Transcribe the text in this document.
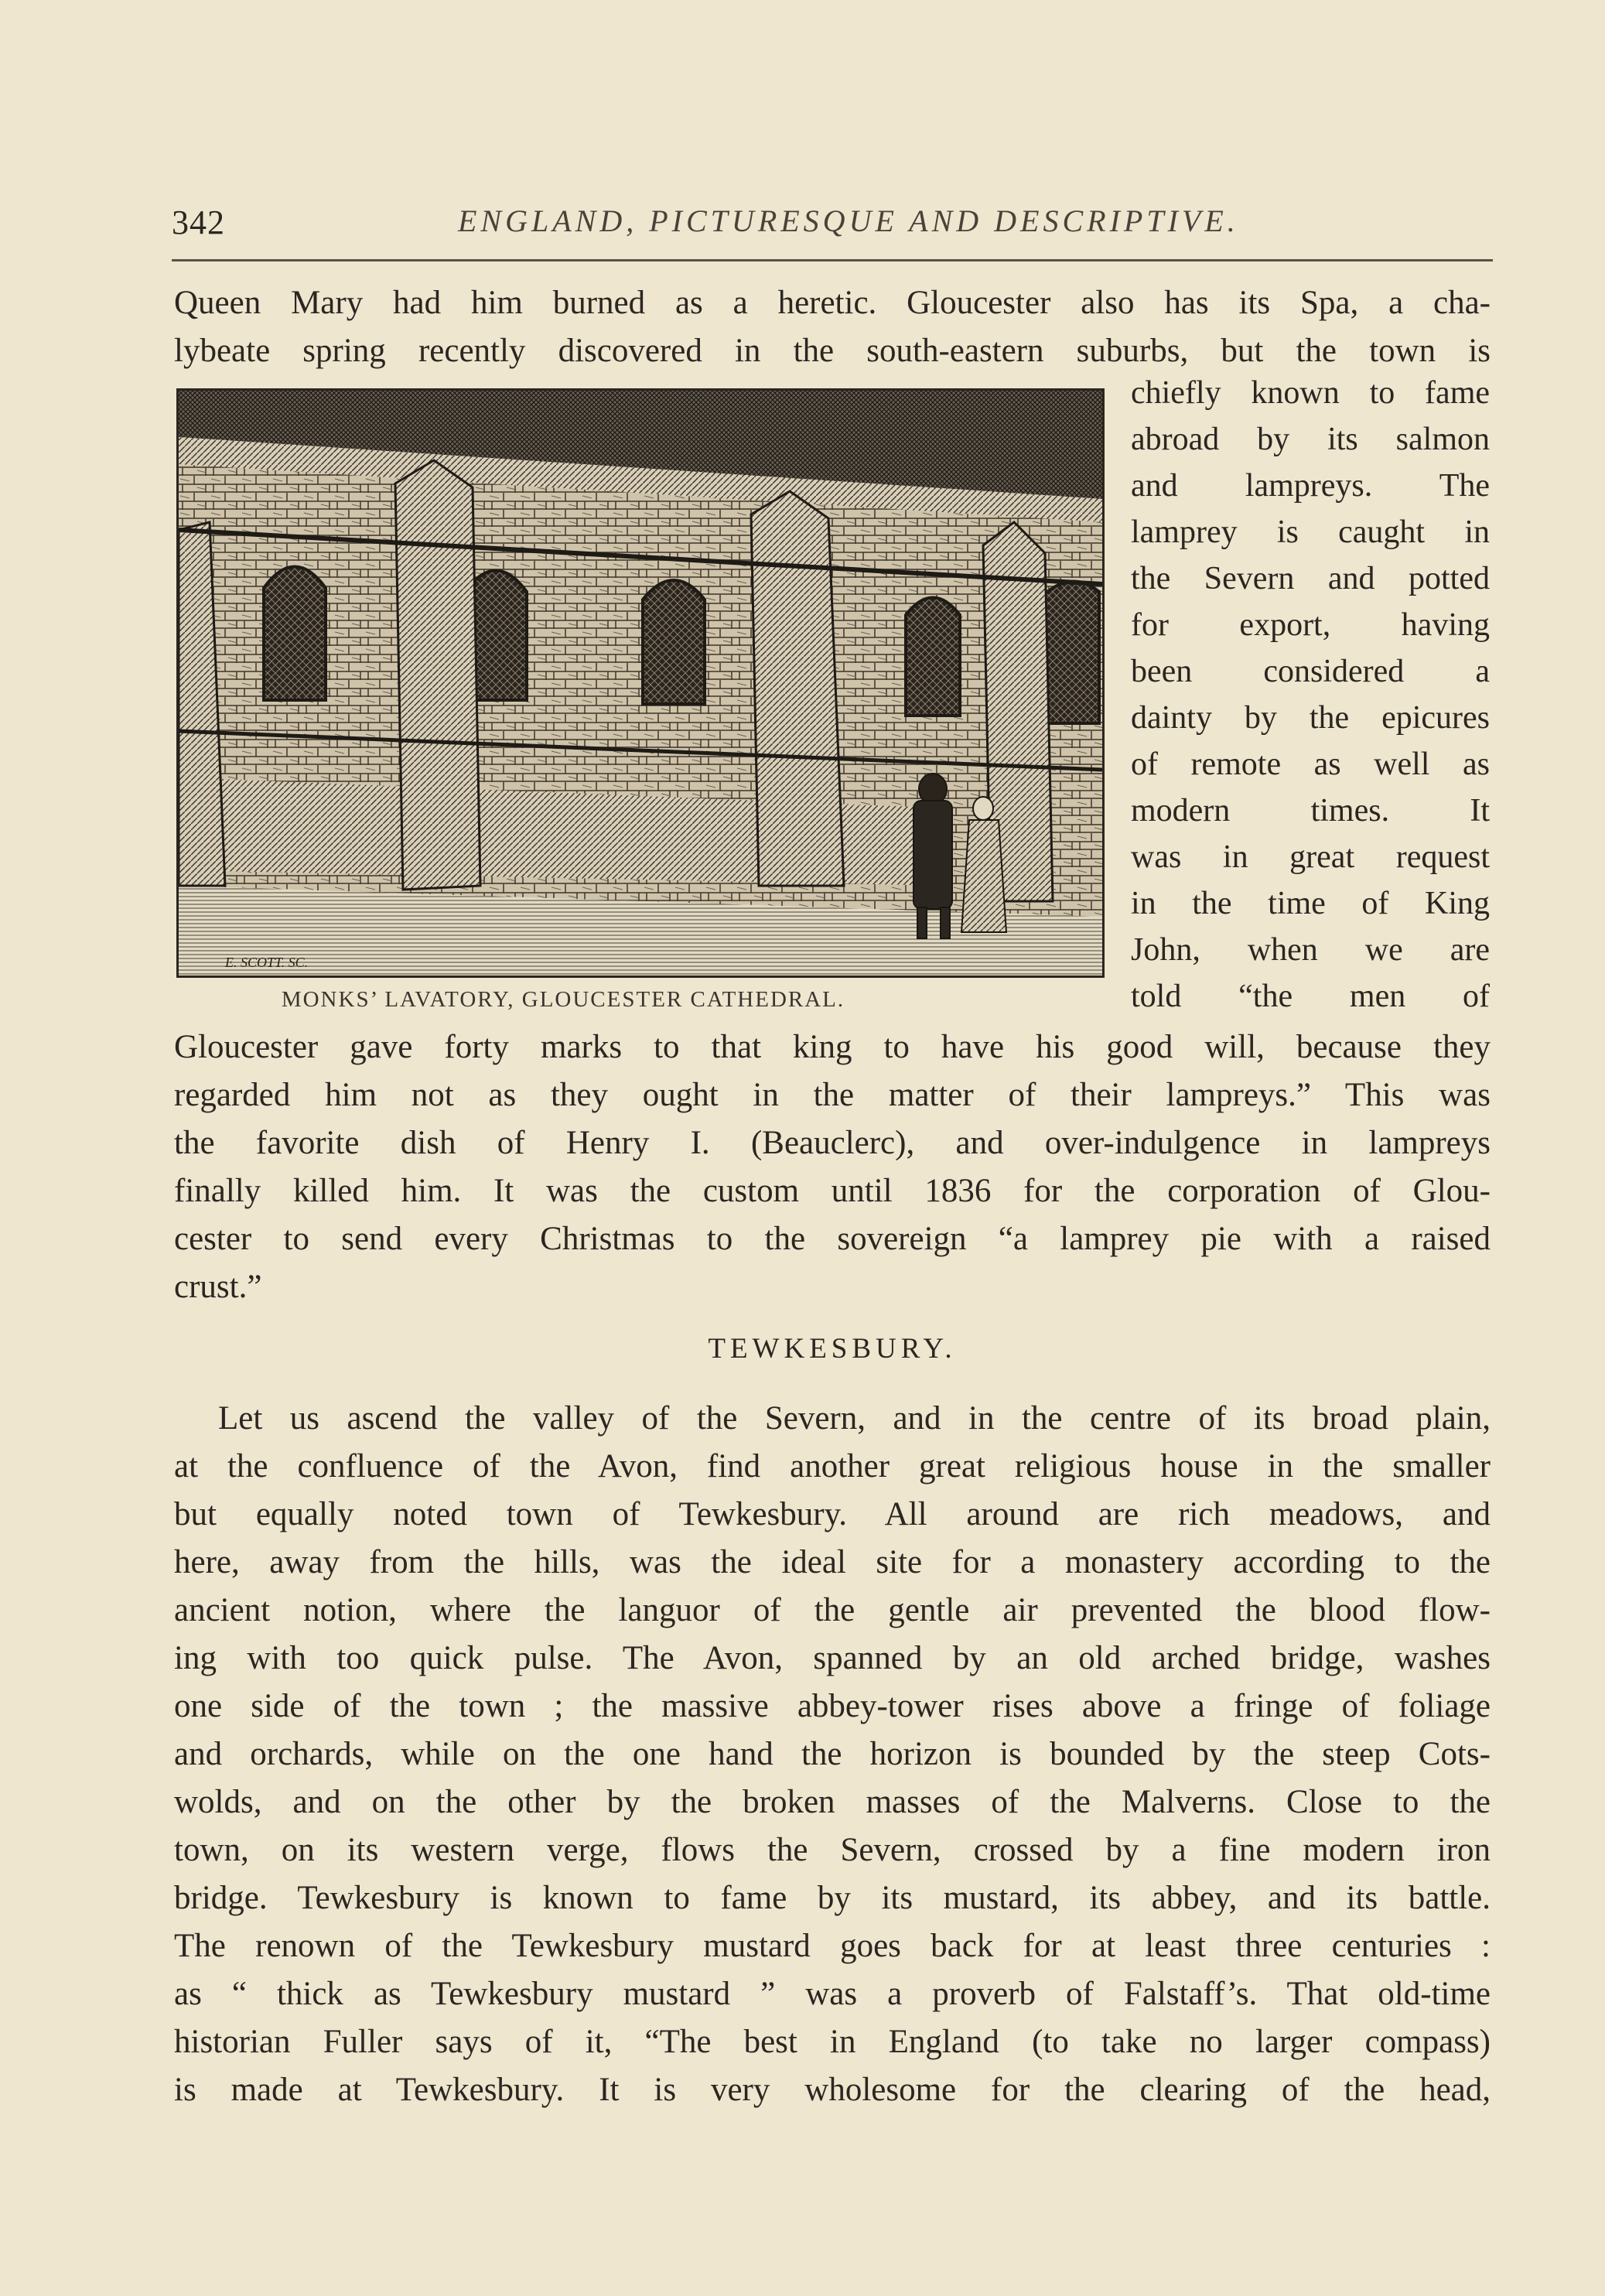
342	ENGLAND, PICTURESQUE AND DESCRIPTIVE.
Queen Mary had him burned as a heretic. Gloucester also has its Spa, a cha-
lybeate spring recently discovered in the south-eastern suburbs, but the town is
chiefly known to fame
abroad by its salmon
and lampreys. The
lamprey is caught in
the Severn and potted
for export, having
been considered a
dainty by the epicures
of remote as well as
modern times. It
was in great request
in the time of King
John, when we are
told “the men of
E. SCOTT. SC.
MONKS’ LAVATORY, GLOUCESTER CATHEDRAL.
Gloucester gave forty marks to that king to have his good will, because they
regarded him not as they ought in the matter of their lampreys.” This was
the favorite dish of Henry I. (Beauclerc), and over-indulgence in lampreys
finally killed him. It was the custom until 1836 for the corporation of Glou-
cester to send every Christmas to the sovereign “a lamprey pie with a raised
crust.”
TEWKESBURY.
Let us ascend the valley of the Severn, and in the centre of its broad plain,
at the confluence of the Avon, find another great religious house in the smaller
but equally noted town of Tewkesbury. All around are rich meadows, and
here, away from the hills, was the ideal site for a monastery according to the
ancient notion, where the languor of the gentle air prevented the blood flow-
ing with too quick pulse. The Avon, spanned by an old arched bridge, washes
one side of the town ; the massive abbey-tower rises above a fringe of foliage
and orchards, while on the one hand the horizon is bounded by the steep Cots-
wolds, and on the other by the broken masses of the Malverns. Close to the
town, on its western verge, flows the Severn, crossed by a fine modern iron
bridge. Tewkesbury is known to fame by its mustard, its abbey, and its battle.
The renown of the Tewkesbury mustard goes back for at least three centuries :
as “ thick as Tewkesbury mustard ” was a proverb of Falstaff’s. That old-time
historian Fuller says of it, “The best in England (to take no larger compass)
is made at Tewkesbury. It is very wholesome for the clearing of the head,
